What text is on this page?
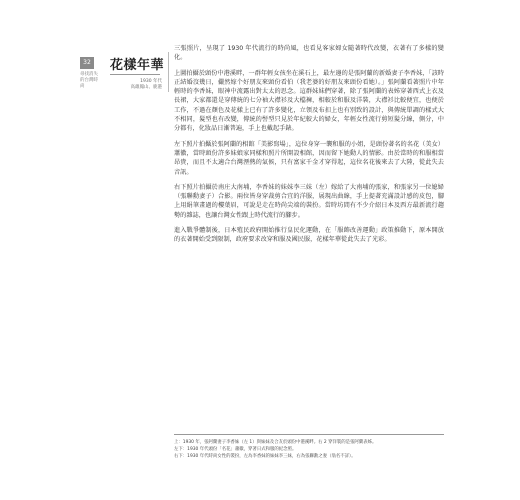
32
尋找消失的台灣時尚
花樣年華
1930 年代
高雄鳳山、鹿港

三張照片，呈現了 1930 年代流行的時尚風，也看見客家婦女隨著時代改變，衣著有了多樣的變化。

上圖拍攝於頭份中港溪畔，一群年輕女孩坐在溪石上，最左邊的是張阿蘭的新婚妻子李香妹，「該時正結婚沒幾日，儼然嫁个好朋友來頭份看伯（我老婆的好朋友來頭份看她）。」張阿蘭看著照片中年輕時的李香妹，眼神中流露出對太太的思念。這群妹妹們穿著，除了張阿蘭的表姊穿著西式上衣及長裙，大家都還是穿傳統的七分袖大襟衫及大檔褲，相較於和服及洋裝，大襟衫比較便宜，也便於工作，不過在顏色及花樣上已有了許多變化，立領及布扣上也有別致的設計，與傳統單調的樣式大不相同，髮型也有改變，傳統的髻型只見於年紀較大的婦女，年輕女性流行剪短髮分線，側分，中分都有，化妝品日漸普遍，手上也戴起手錶。

左下照片拍攝於張阿蘭的相館「美影寫場」，這位身穿一襲和服的小姐，是頭份著名的名花（美女）蕭徽，當時頭份許多妹娘家同樣和照片所開設相館，因而留下她動人的情影。由於當時的和服相當昂貴，而且不太適合台灣溼熱的氣候，只有富家千金才穿得起，這位名花後來去了大陸，從此失去音訊。

右下照片拍攝於南庄大南埔，李香妹的妹妹李三妹（左）嫁給了大南埔的張家，和張家另一位媳婦（張聯勳妻子）合影。兩位皆身穿裁剪合宜的洋服，展現出曲線，手上提著充滿設計感的皮包，腳上用絹筆畫過的樓葉眉，可說是走在時尚尖端的裝扮。當時坊間有不少介紹日本及西方最新流行趨勢的雜誌，也讓台灣女性跟上時代流行的腳步。

進入戰爭體制後，日本殖民政府開始推行皇民化運動，在「服飾改善運動」政策推動下，原本開放的衣著開始受到限制，政府要求改穿和服及國民服，花樣年華從此失去了光彩。

上：1930 年，張阿蘭妻子李香妹（左 1）與妹妹及合友於頭份中港溪畔。右 2 穿洋裝的是張阿蘭表姊。

左下：1930 年代頭份「名花」蕭徽，穿著日式和服的紀念照。

右下：1930 年代時尚女性的裝扮，左為李香妹的妹妹李三妹，右為張聯勳之妻（翁名不詳）。
